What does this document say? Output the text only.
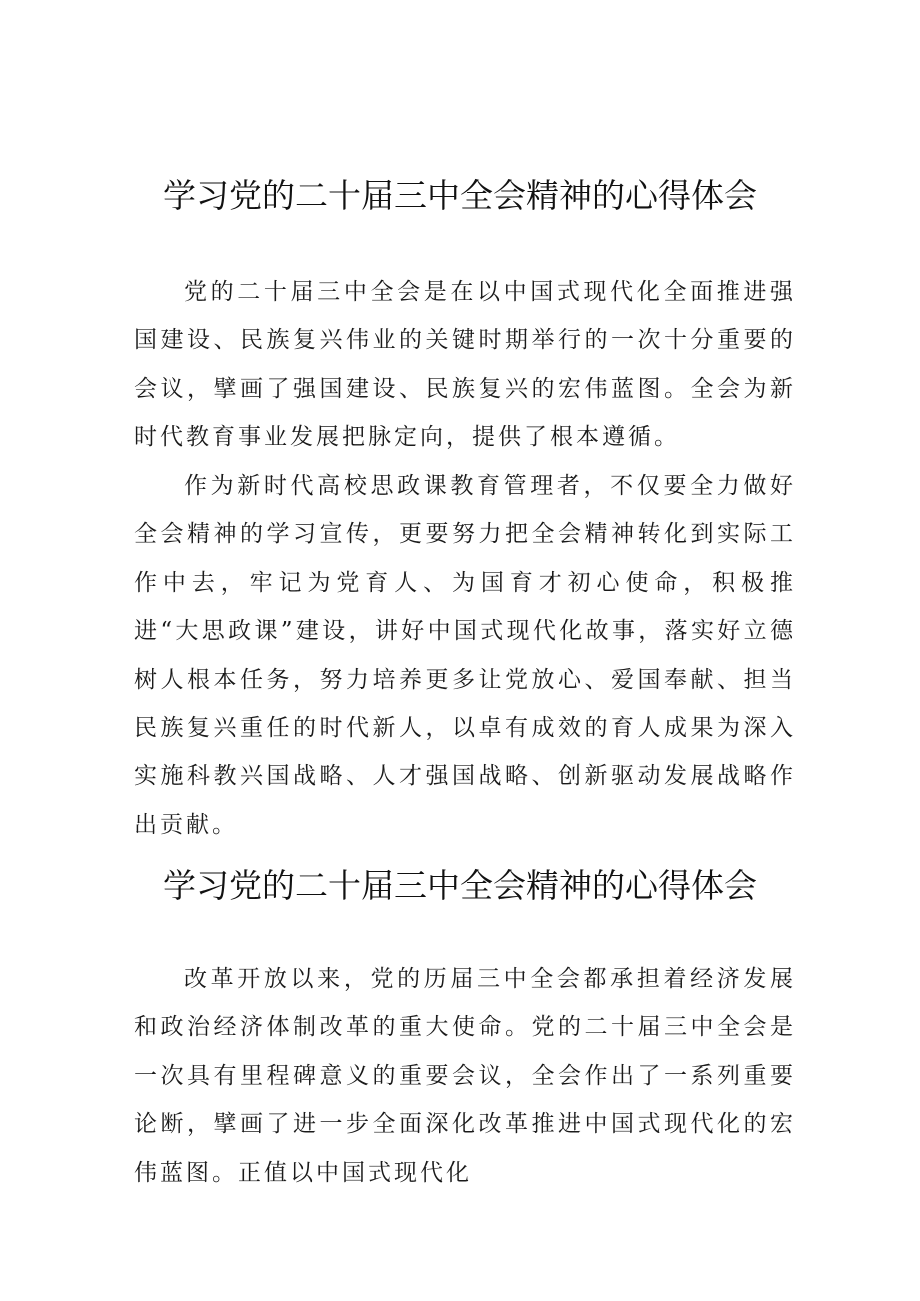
学习党的二十届三中全会精神的心得体会

党的二十届三中全会是在以中国式现代化全面推进强国建设、民族复兴伟业的关键时期举行的一次十分重要的会议，擘画了强国建设、民族复兴的宏伟蓝图。全会为新时代教育事业发展把脉定向，提供了根本遵循。

作为新时代高校思政课教育管理者，不仅要全力做好全会精神的学习宣传，更要努力把全会精神转化到实际工作中去，牢记为党育人、为国育才初心使命，积极推进“大思政课”建设，讲好中国式现代化故事，落实好立德树人根本任务，努力培养更多让党放心、爱国奉献、担当民族复兴重任的时代新人，以卓有成效的育人成果为深入实施科教兴国战略、人才强国战略、创新驱动发展战略作出贡献。

学习党的二十届三中全会精神的心得体会

改革开放以来，党的历届三中全会都承担着经济发展和政治经济体制改革的重大使命。党的二十届三中全会是一次具有里程碑意义的重要会议，全会作出了一系列重要论断，擘画了进一步全面深化改革推进中国式现代化的宏伟蓝图。正值以中国式现代化
